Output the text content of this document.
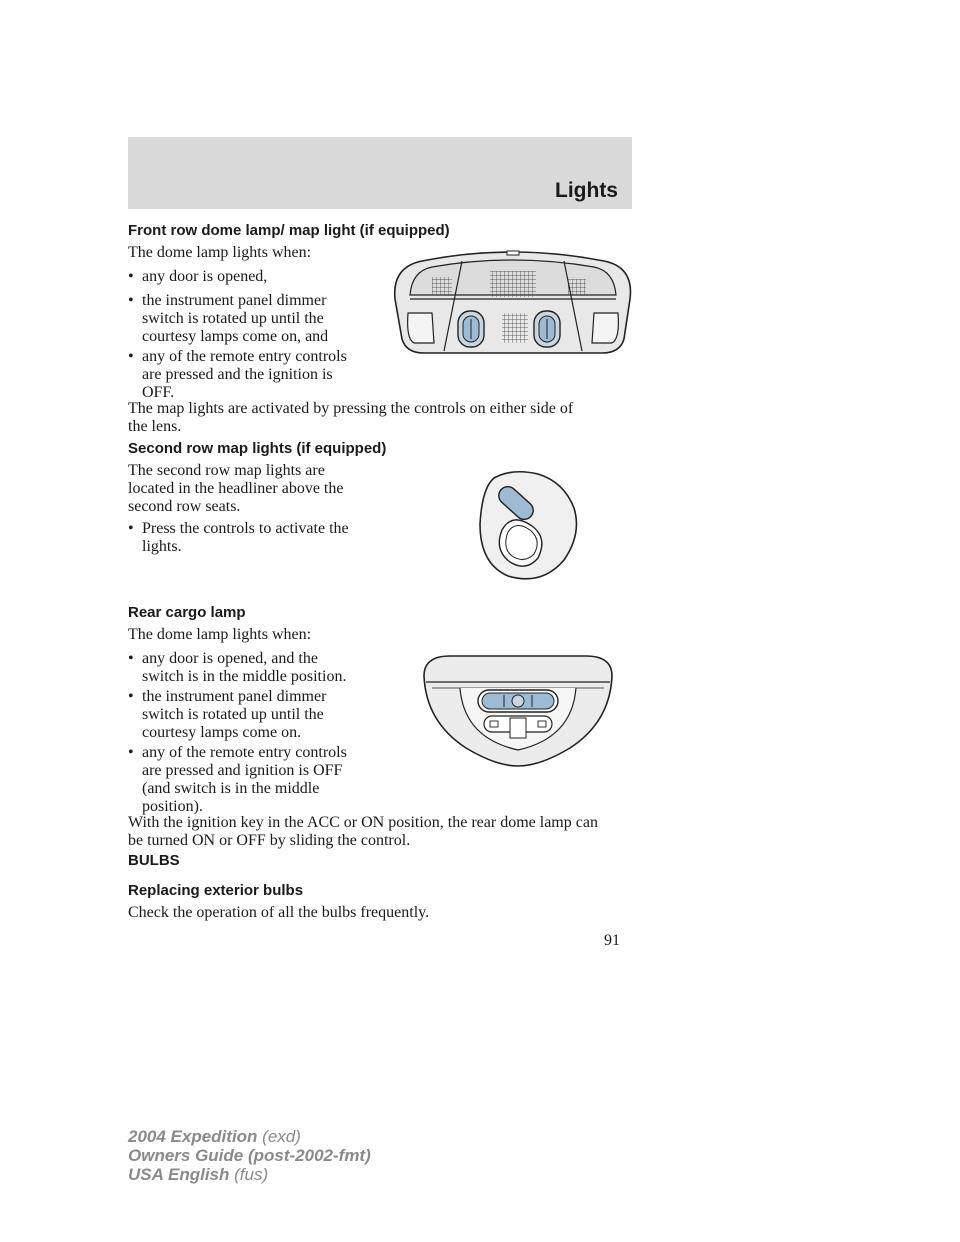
Lights
Front row dome lamp/ map light (if equipped)
The dome lamp lights when:
• any door is opened,
• the instrument panel dimmer
switch is rotated up until the
courtesy lamps come on, and
• any of the remote entry controls
are pressed and the ignition is
OFF.
The map lights are activated by pressing the controls on either side of
the lens.
Second row map lights (if equipped)
The second row map lights are
located in the headliner above the
second row seats.
• Press the controls to activate the
lights.
Rear cargo lamp
The dome lamp lights when:
• any door is opened, and the
switch is in the middle position.
• the instrument panel dimmer
switch is rotated up until the
courtesy lamps come on.
• any of the remote entry controls
are pressed and ignition is OFF
(and switch is in the middle
position).
With the ignition key in the ACC or ON position, the rear dome lamp can
be turned ON or OFF by sliding the control.
BULBS
Replacing exterior bulbs
Check the operation of all the bulbs frequently.
91
2004 Expedition (exd)
Owners Guide (post-2002-fmt)
USA English (fus)
